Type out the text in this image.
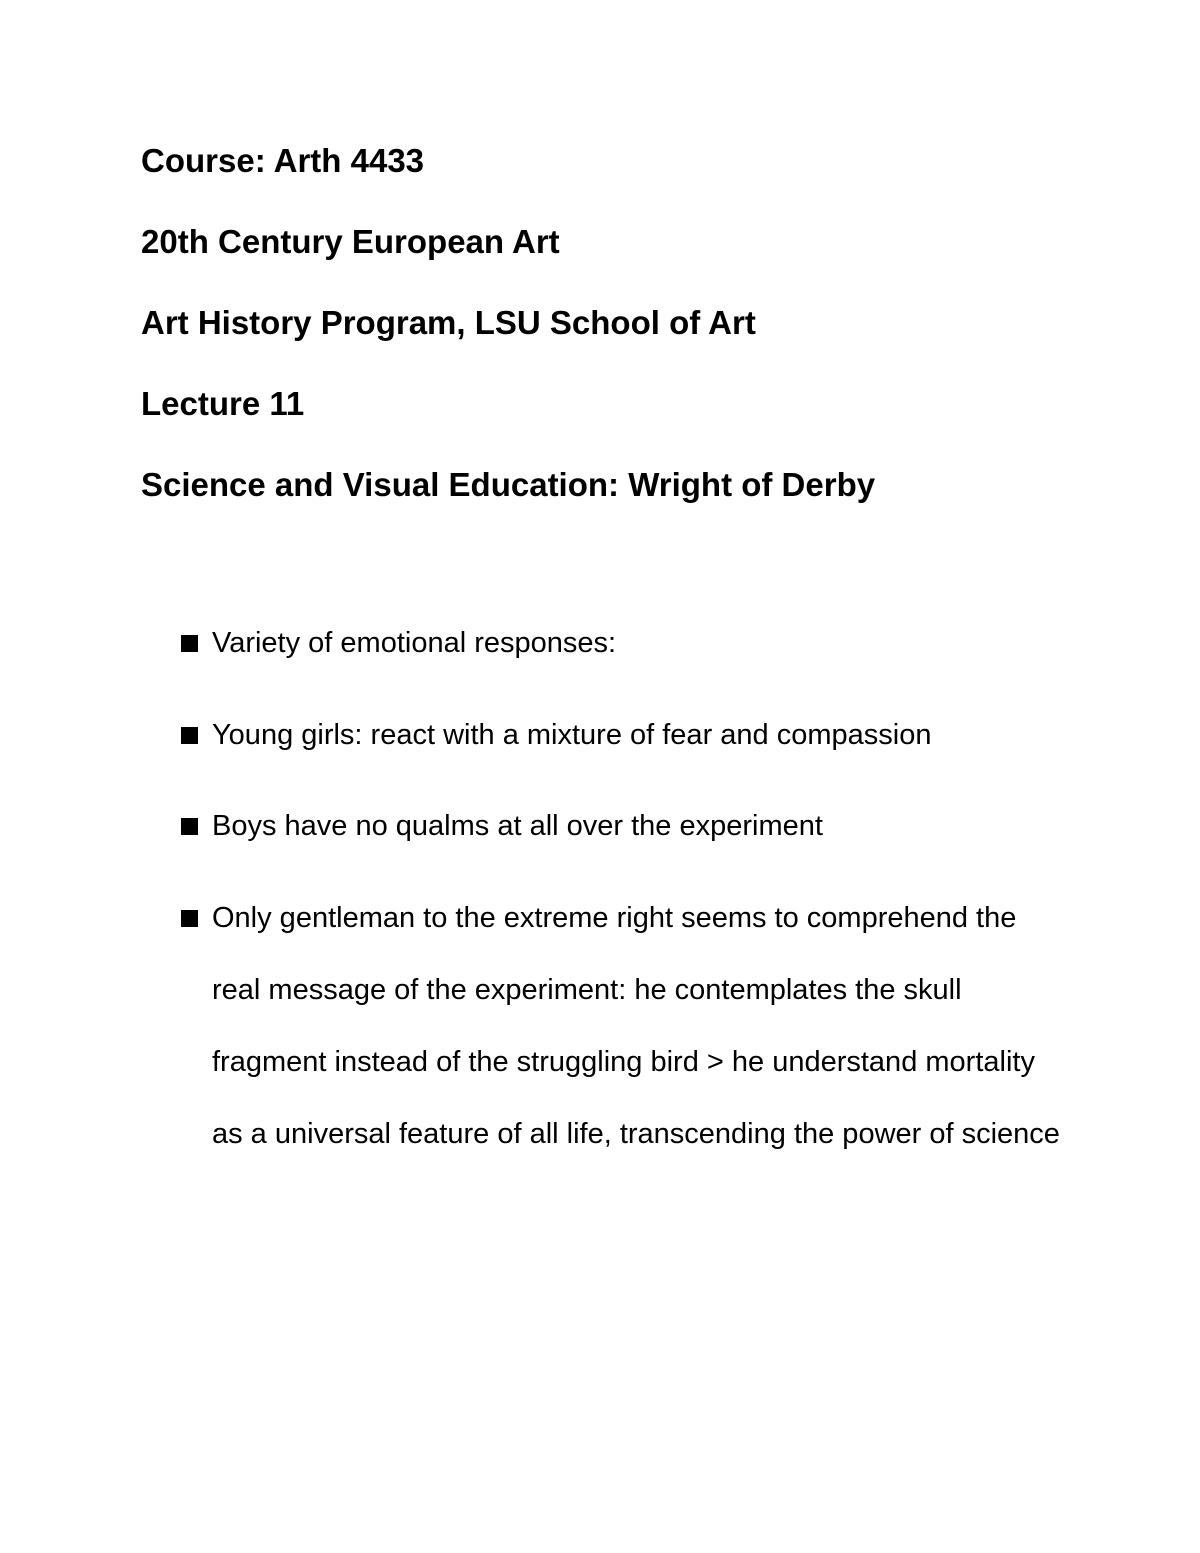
Course: Arth 4433

20th Century European Art

Art History Program, LSU School of Art

Lecture 11

Science and Visual Education: Wright of Derby

Variety of emotional responses:
Young girls: react with a mixture of fear and compassion
Boys have no qualms at all over the experiment
Only gentleman to the extreme right seems to comprehend the real message of the experiment: he contemplates the skull fragment instead of the struggling bird > he understand mortality as a universal feature of all life, transcending the power of science
